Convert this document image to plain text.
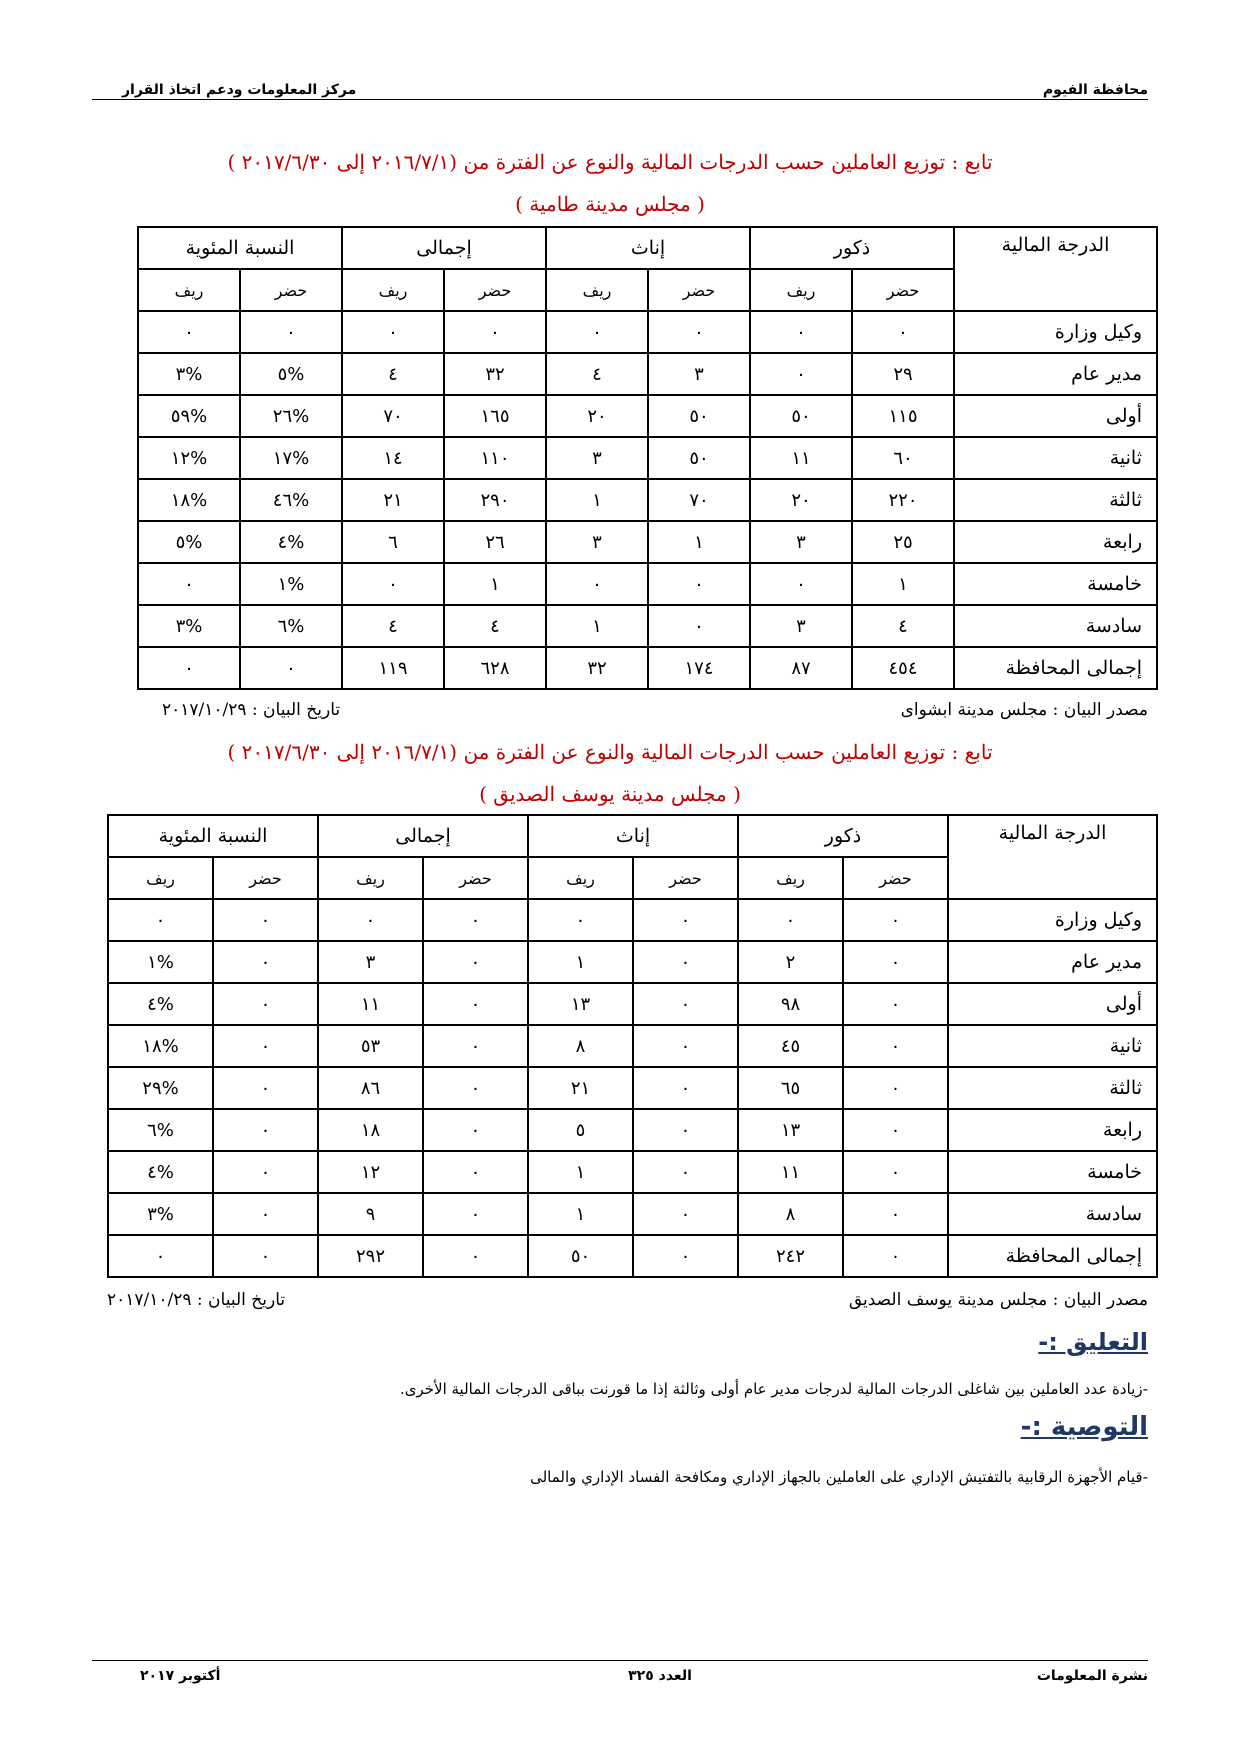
محافظة الفيوم
مركز المعلومات ودعم اتخاذ القرار
تابع : توزيع العاملين حسب الدرجات المالية والنوع عن الفترة من (٢٠١٦/٧/١ إلى ٢٠١٧/٦/٣٠ )
( مجلس مدينة طامية )
الدرجة المالية	ذكور		إناث		إجمالى		النسبة المئوية	
	حضر	ريف	حضر	ريف	حضر	ريف	حضر	ريف
وكيل وزارة	٠	٠	٠	٠	٠	٠	٠	٠
مدير عام	٢٩	٠	٣	٤	٣٢	٤	%٥	%٣
أولى	١١٥	٥٠	٥٠	٢٠	١٦٥	٧٠	%٢٦	%٥٩
ثانية	٦٠	١١	٥٠	٣	١١٠	١٤	%١٧	%١٢
ثالثة	٢٢٠	٢٠	٧٠	١	٢٩٠	٢١	%٤٦	%١٨
رابعة	٢٥	٣	١	٣	٢٦	٦	%٤	%٥
خامسة	١	٠	٠	٠	١	٠	%١	٠
سادسة	٤	٣	٠	١	٤	٤	%٦	%٣
إجمالى المحافظة	٤٥٤	٨٧	١٧٤	٣٢	٦٢٨	١١٩	٠	٠
مصدر البيان : مجلس مدينة ابشواى
تاريخ البيان : ٢٠١٧/١٠/٢٩
تابع : توزيع العاملين حسب الدرجات المالية والنوع عن الفترة من (٢٠١٦/٧/١ إلى ٢٠١٧/٦/٣٠ )
( مجلس مدينة يوسف الصديق )
الدرجة المالية	ذكور		إناث		إجمالى		النسبة المئوية	
	حضر	ريف	حضر	ريف	حضر	ريف	حضر	ريف
وكيل وزارة	٠	٠	٠	٠	٠	٠	٠	٠
مدير عام	٠	٢	٠	١	٠	٣	٠	%١
أولى	٠	٩٨	٠	١٣	٠	١١	٠	%٤
ثانية	٠	٤٥	٠	٨	٠	٥٣	٠	%١٨
ثالثة	٠	٦٥	٠	٢١	٠	٨٦	٠	%٢٩
رابعة	٠	١٣	٠	٥	٠	١٨	٠	%٦
خامسة	٠	١١	٠	١	٠	١٢	٠	%٤
سادسة	٠	٨	٠	١	٠	٩	٠	%٣
إجمالى المحافظة	٠	٢٤٢	٠	٥٠	٠	٢٩٢	٠	٠
مصدر البيان : مجلس مدينة يوسف الصديق
تاريخ البيان : ٢٠١٧/١٠/٢٩
التعليق :-
-زيادة عدد العاملين بين شاغلى الدرجات المالية لدرجات مدير عام أولى وثالثة إذا ما قورنت بباقى الدرجات المالية الأخرى.
التوصية :-
-قيام الأجهزة الرقابية بالتفتيش الإداري على العاملين بالجهاز الإداري ومكافحة الفساد الإداري والمالى
نشرة المعلومات
العدد ٣٢٥
أكتوبر ٢٠١٧
